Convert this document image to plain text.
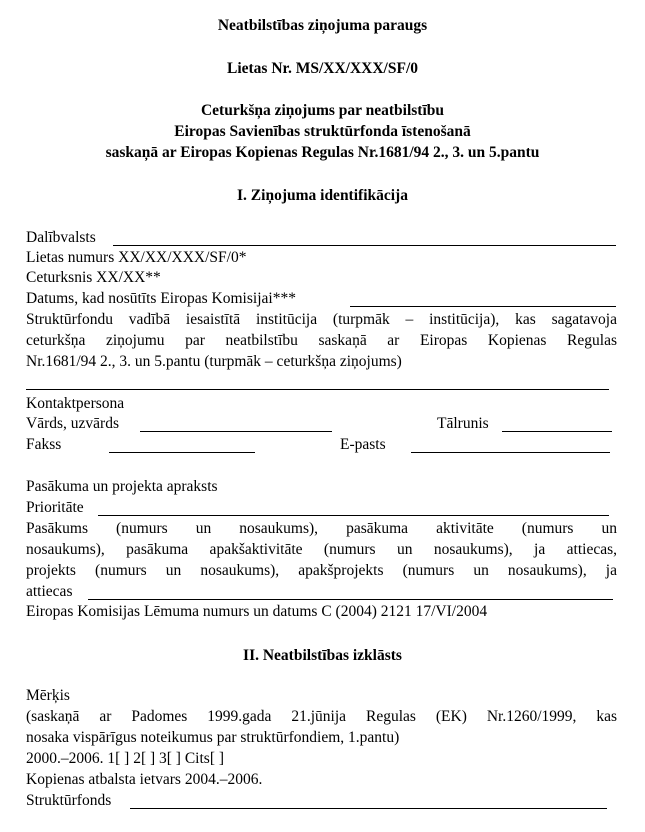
Neatbilstības ziņojuma paraugs
Lietas Nr. MS/XX/XXX/SF/0
Ceturkšņa ziņojums par neatbilstību
Eiropas Savienības struktūrfonda īstenošanā
saskaņā ar Eiropas Kopienas Regulas Nr.1681/94 2., 3. un 5.pantu
I. Ziņojuma identifikācija
Dalībvalsts
Lietas numurs XX/XX/XXX/SF/0*
Ceturksnis XX/XX**
Datums, kad nosūtīts Eiropas Komisijai***
Struktūrfondu vadībā iesaistītā institūcija (turpmāk – institūcija), kas sagatavoja
ceturkšņa ziņojumu par neatbilstību saskaņā ar Eiropas Kopienas Regulas
Nr.1681/94 2., 3. un 5.pantu (turpmāk – ceturkšņa ziņojums)
Kontaktpersona
Vārds, uzvārds	Tālrunis
Fakss	E-pasts
Pasākuma un projekta apraksts
Prioritāte
Pasākums (numurs un nosaukums), pasākuma aktivitāte (numurs un
nosaukums), pasākuma apakšaktivitāte (numurs un nosaukums), ja attiecas,
projekts (numurs un nosaukums), apakšprojekts (numurs un nosaukums), ja
attiecas
Eiropas Komisijas Lēmuma numurs un datums C (2004) 2121 17/VI/2004
II. Neatbilstības izklāsts
Mērķis
(saskaņā ar Padomes 1999.gada 21.jūnija Regulas (EK) Nr.1260/1999, kas
nosaka vispārīgus noteikumus par struktūrfondiem, 1.pantu)
2000.–2006. 1[ ] 2[ ] 3[ ] Cits[ ]
Kopienas atbalsta ietvars 2004.–2006.
Struktūrfonds
